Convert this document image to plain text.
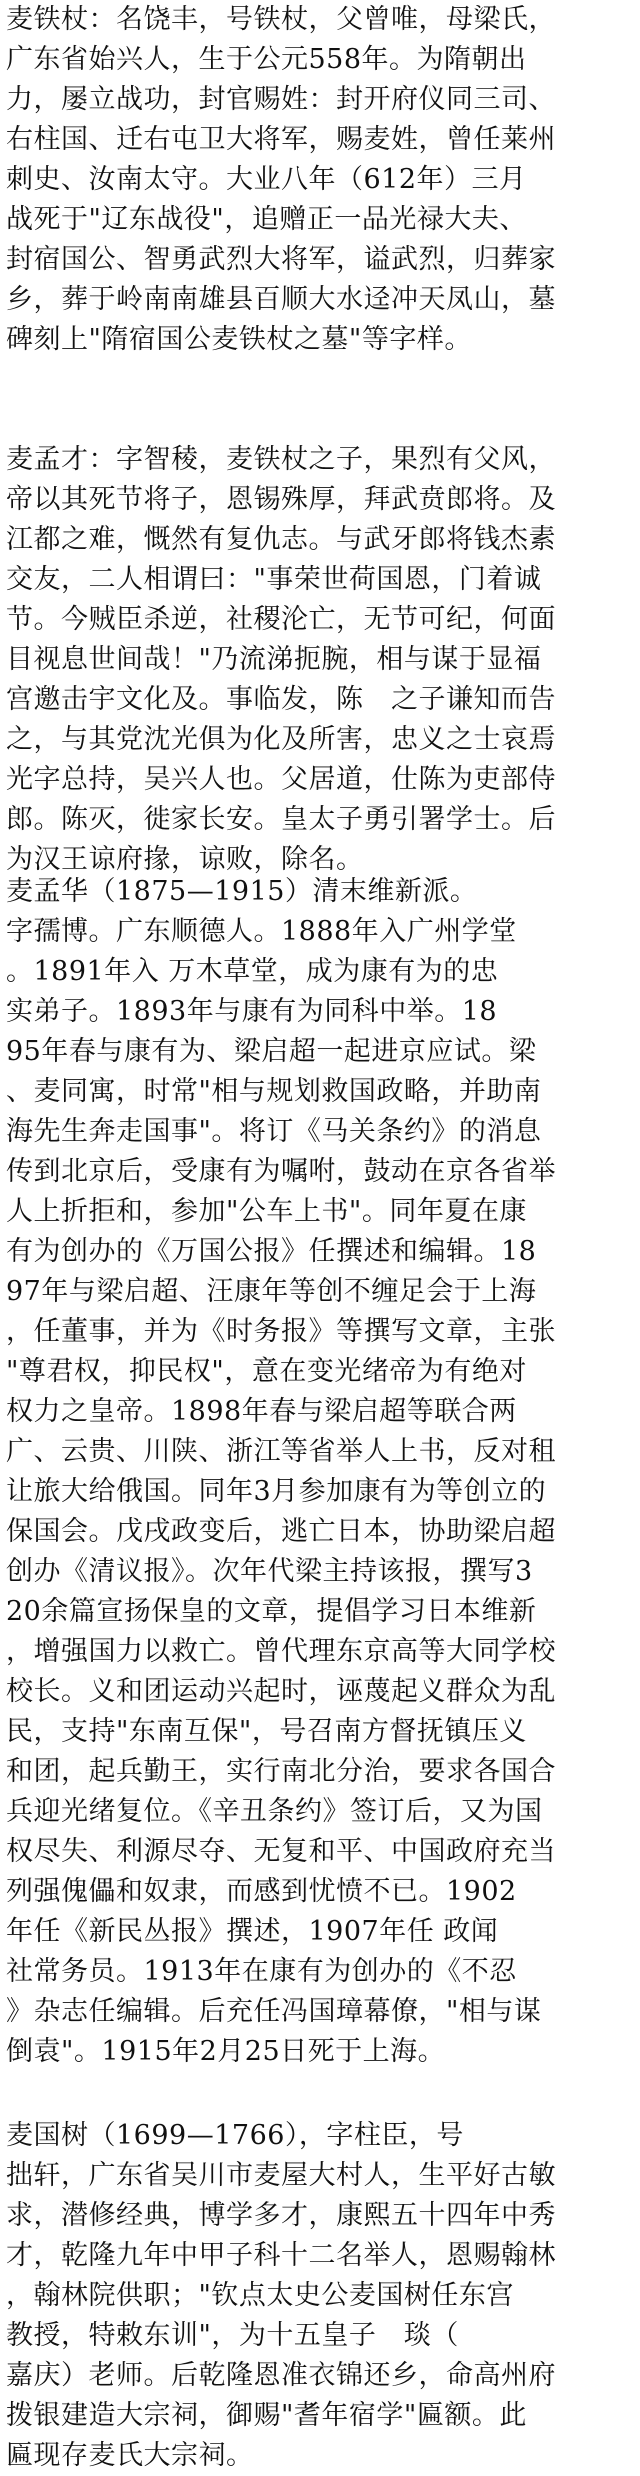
麦铁杖：名饶丰，号铁杖，父曾唯，母梁氏，
广东省始兴人，生于公元558年。为隋朝出
力，屡立战功，封官赐姓：封开府仪同三司、
右柱国、迁右屯卫大将军，赐麦姓，曾任莱州
刺史、汝南太守。大业八年（612年）三月
战死于"辽东战役"，追赠正一品光禄大夫、
封宿国公、智勇武烈大将军，谥武烈，归葬家
乡，葬于岭南南雄县百顺大水迳冲天凤山，墓
碑刻上"隋宿国公麦铁杖之墓"等字样。
麦孟才：字智稜，麦铁杖之子，果烈有父风，
帝以其死节将子，恩锡殊厚，拜武贲郎将。及
江都之难，慨然有复仇志。与武牙郎将钱杰素
交友，二人相谓曰："事荣世荷国恩，门着诚
节。今贼臣杀逆，社稷沦亡，无节可纪，何面
目视息世间哉！"乃流涕扼腕，相与谋于显福
宫邀击宇文化及。事临发，陈　之子谦知而告
之，与其党沈光俱为化及所害，忠义之士哀焉
光字总持，吴兴人也。父居道，仕陈为吏部侍
郎。陈灭，徙家长安。皇太子勇引署学士。后
为汉王谅府掾，谅败，除名。
麦孟华（1875—1915）清末维新派。
字孺博。广东顺德人。1888年入广州学堂
。1891年入 万木草堂，成为康有为的忠
实弟子。1893年与康有为同科中举。18
95年春与康有为、梁启超一起进京应试。梁
、麦同寓，时常"相与规划救国政略，并助南
海先生奔走国事"。将订《马关条约》的消息
传到北京后，受康有为嘱咐，鼓动在京各省举
人上折拒和，参加"公车上书"。同年夏在康
有为创办的《万国公报》任撰述和编辑。18
97年与梁启超、汪康年等创不缠足会于上海
，任董事，并为《时务报》等撰写文章，主张
"尊君权，抑民权"，意在变光绪帝为有绝对
权力之皇帝。1898年春与梁启超等联合两
广、云贵、川陕、浙江等省举人上书，反对租
让旅大给俄国。同年3月参加康有为等创立的
保国会。戊戌政变后，逃亡日本，协助梁启超
创办《清议报》。次年代梁主持该报，撰写3
20余篇宣扬保皇的文章，提倡学习日本维新
，增强国力以救亡。曾代理东京高等大同学校
校长。义和团运动兴起时，诬蔑起义群众为乱
民，支持"东南互保"，号召南方督抚镇压义
和团，起兵勤王，实行南北分治，要求各国合
兵迎光绪复位。《辛丑条约》签订后，又为国
权尽失、利源尽夺、无复和平、中国政府充当
列强傀儡和奴隶，而感到忧愤不已。1902
年任《新民丛报》撰述，1907年任 政闻
社常务员。1913年在康有为创办的《不忍
》杂志任编辑。后充任冯国璋幕僚，"相与谋
倒袁"。1915年2月25日死于上海。
麦国树（1699—1766），字柱臣，号
拙轩，广东省吴川市麦屋大村人，生平好古敏
求，潜修经典，博学多才，康熙五十四年中秀
才，乾隆九年中甲子科十二名举人，恩赐翰林
，翰林院供职；"钦点太史公麦国树任东宫
教授，特敕东训"，为十五皇子　琰（
嘉庆）老师。后乾隆恩准衣锦还乡，命高州府
拨银建造大宗祠，御赐"耆年宿学"匾额。此
匾现存麦氏大宗祠。
